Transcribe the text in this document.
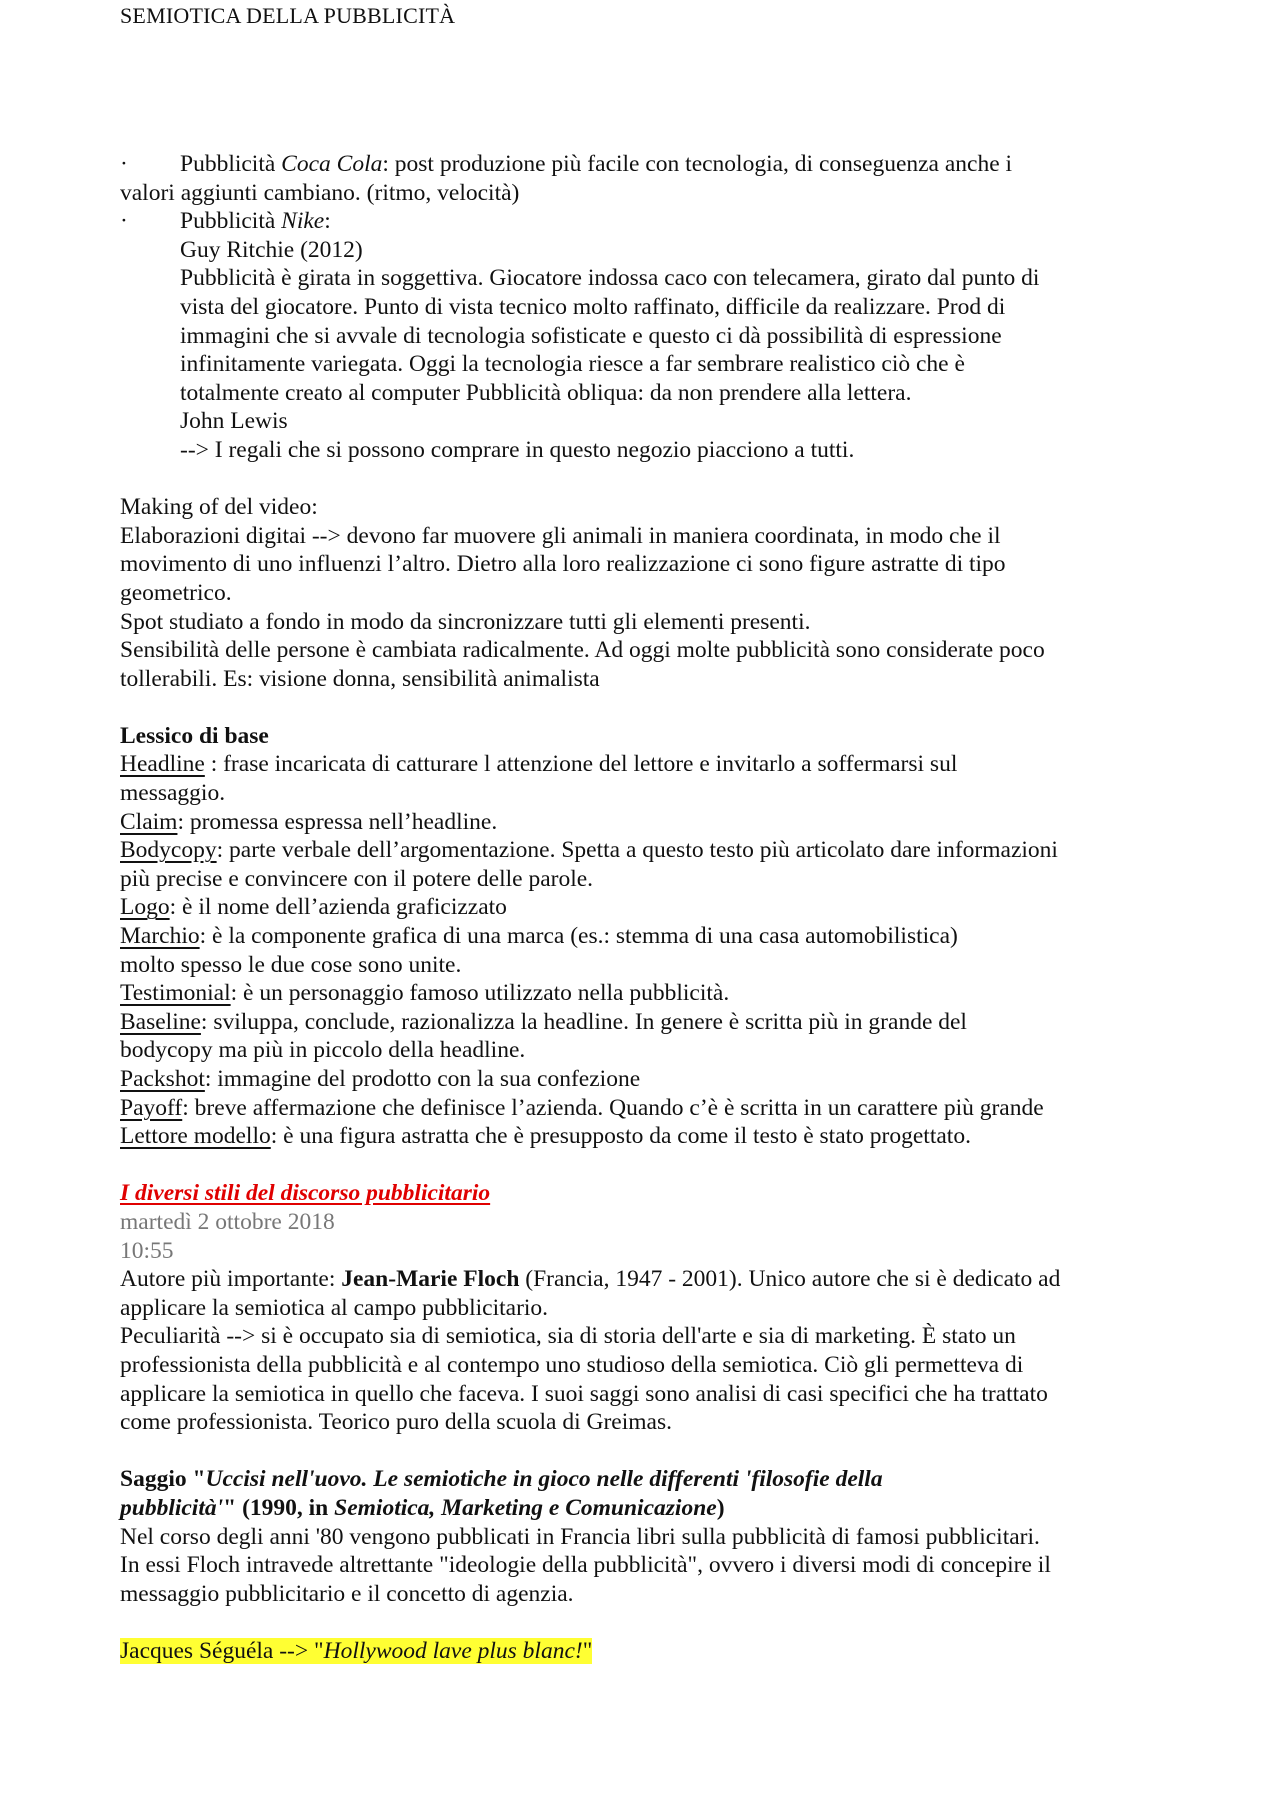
SEMIOTICA DELLA PUBBLICITÀ
· Pubblicità Coca Cola: post produzione più facile con tecnologia, di conseguenza anche i
valori aggiunti cambiano. (ritmo, velocità)
· Pubblicità Nike:
Guy Ritchie (2012)
Pubblicità è girata in soggettiva. Giocatore indossa caco con telecamera, girato dal punto di
vista del giocatore. Punto di vista tecnico molto raffinato, difficile da realizzare. Prod di
immagini che si avvale di tecnologia sofisticate e questo ci dà possibilità di espressione
infinitamente variegata. Oggi la tecnologia riesce a far sembrare realistico ciò che è
totalmente creato al computer Pubblicità obliqua: da non prendere alla lettera.
John Lewis
--> I regali che si possono comprare in questo negozio piacciono a tutti.
Making of del video:
Elaborazioni digitai --> devono far muovere gli animali in maniera coordinata, in modo che il
movimento di uno influenzi l’altro. Dietro alla loro realizzazione ci sono figure astratte di tipo
geometrico.
Spot studiato a fondo in modo da sincronizzare tutti gli elementi presenti.
Sensibilità delle persone è cambiata radicalmente. Ad oggi molte pubblicità sono considerate poco
tollerabili. Es: visione donna, sensibilità animalista
Lessico di base
Headline : frase incaricata di catturare l attenzione del lettore e invitarlo a soffermarsi sul
messaggio.
Claim: promessa espressa nell’headline.
Bodycopy: parte verbale dell’argomentazione. Spetta a questo testo più articolato dare informazioni
più precise e convincere con il potere delle parole.
Logo: è il nome dell’azienda graficizzato
Marchio: è la componente grafica di una marca (es.: stemma di una casa automobilistica)
molto spesso le due cose sono unite.
Testimonial: è un personaggio famoso utilizzato nella pubblicità.
Baseline: sviluppa, conclude, razionalizza la headline. In genere è scritta più in grande del
bodycopy ma più in piccolo della headline.
Packshot: immagine del prodotto con la sua confezione
Payoff: breve affermazione che definisce l’azienda. Quando c’è è scritta in un carattere più grande
Lettore modello: è una figura astratta che è presupposto da come il testo è stato progettato.
I diversi stili del discorso pubblicitario
martedì 2 ottobre 2018
10:55
Autore più importante: Jean-Marie Floch (Francia, 1947 - 2001). Unico autore che si è dedicato ad
applicare la semiotica al campo pubblicitario.
Peculiarità --> si è occupato sia di semiotica, sia di storia dell'arte e sia di marketing. È stato un
professionista della pubblicità e al contempo uno studioso della semiotica. Ciò gli permetteva di
applicare la semiotica in quello che faceva. I suoi saggi sono analisi di casi specifici che ha trattato
come professionista. Teorico puro della scuola di Greimas.
Saggio "Uccisi nell'uovo. Le semiotiche in gioco nelle differenti 'filosofie della
pubblicità'" (1990, in Semiotica, Marketing e Comunicazione)
Nel corso degli anni '80 vengono pubblicati in Francia libri sulla pubblicità di famosi pubblicitari.
In essi Floch intravede altrettante "ideologie della pubblicità", ovvero i diversi modi di concepire il
messaggio pubblicitario e il concetto di agenzia.
Jacques Séguéla --> "Hollywood lave plus blanc!"
